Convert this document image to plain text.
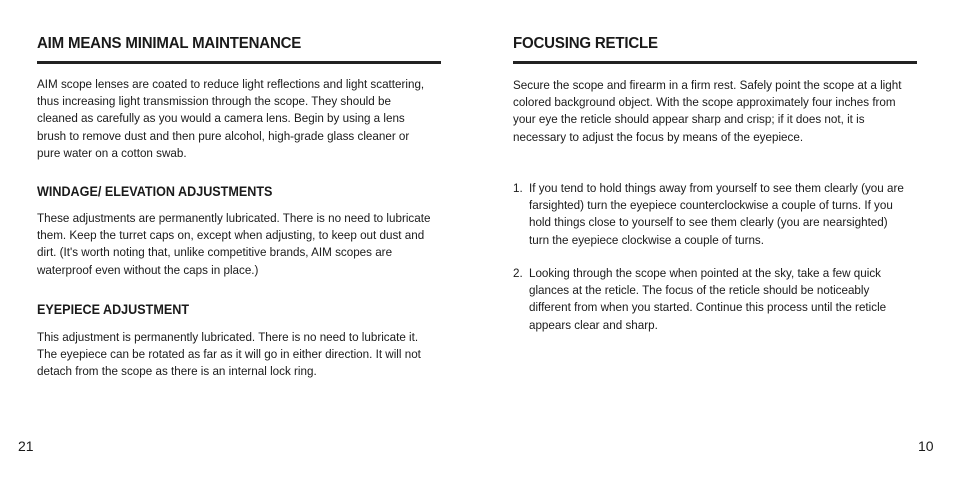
AIM MEANS MINIMAL MAINTENANCE
AIM scope lenses are coated to reduce light reflections and light scattering, thus increasing light transmission through the scope. They should be cleaned as carefully as you would a camera lens. Begin by using a lens brush to remove dust and then pure alcohol, high-grade glass cleaner or pure water on a cotton swab.
WINDAGE/ ELEVATION ADJUSTMENTS
These adjustments are permanently lubricated. There is no need to lubricate them. Keep the turret caps on, except when adjusting, to keep out dust and dirt. (It's worth noting that, unlike competitive brands, AIM scopes are waterproof even without the caps in place.)
EYEPIECE ADJUSTMENT
This adjustment is permanently lubricated. There is no need to lubricate it. The eyepiece can be rotated as far as it will go in either direction. It will not detach from the scope as there is an internal lock ring.
21
FOCUSING RETICLE
Secure the scope and firearm in a firm rest. Safely point the scope at a light colored background object. With the scope approximately four inches from your eye the reticle should appear sharp and crisp; if it does not, it is necessary to adjust the focus by means of the eyepiece.
1. If you tend to hold things away from yourself to see them clearly (you are farsighted) turn the eyepiece counterclockwise a couple of turns. If you hold things close to yourself to see them clearly (you are nearsighted) turn the eyepiece clockwise a couple of turns.
2. Looking through the scope when pointed at the sky, take a few quick glances at the reticle. The focus of the reticle should be noticeably different from when you started. Continue this process until the reticle appears clear and sharp.
10
